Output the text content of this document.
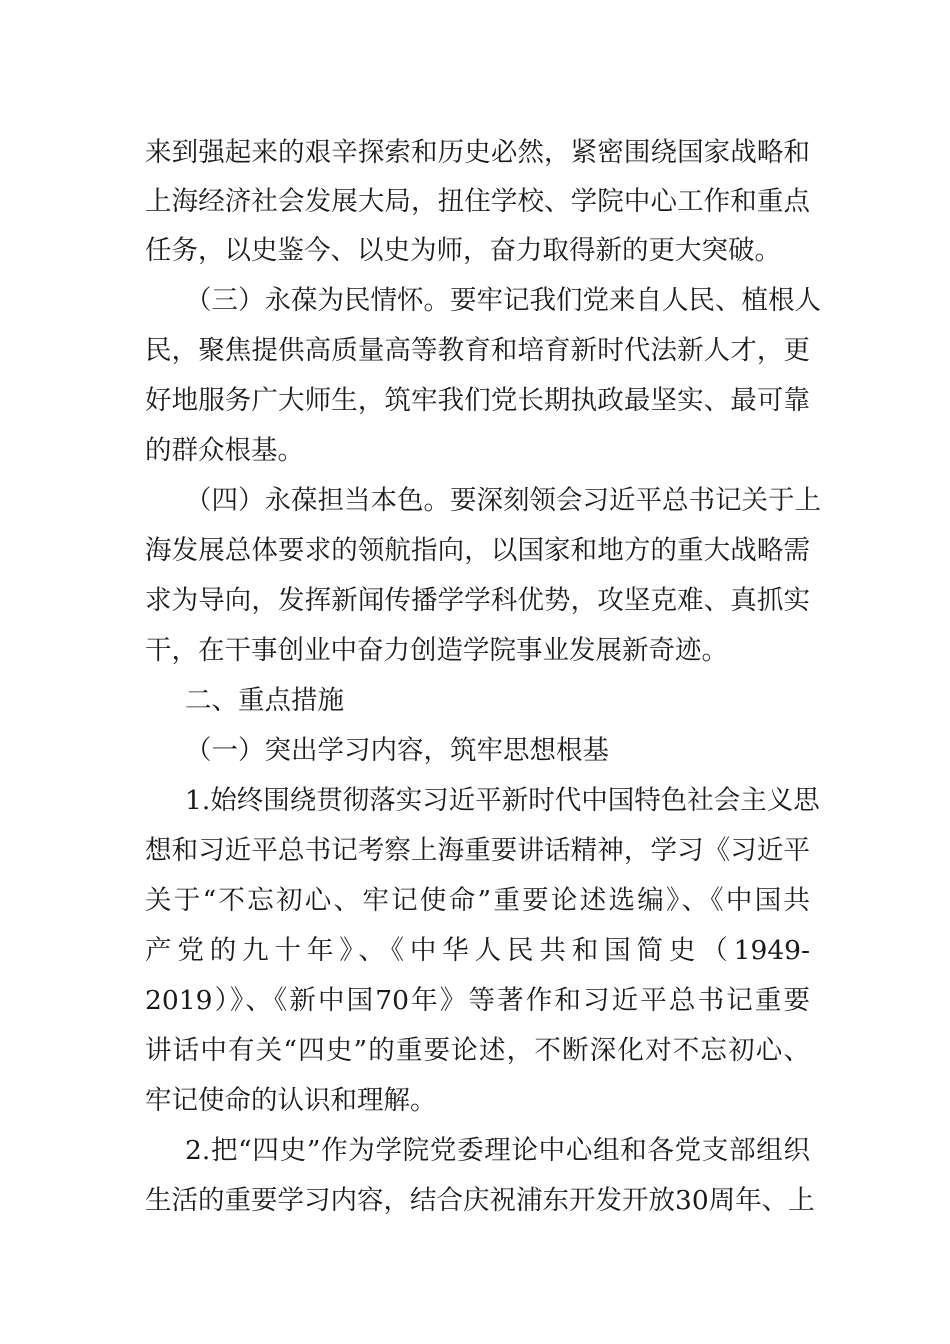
来到强起来的艰辛探索和历史必然，紧密围绕国家战略和
上海经济社会发展大局，扭住学校、学院中心工作和重点
任务，以史鉴今、以史为师，奋力取得新的更大突破。
（三）永葆为民情怀。要牢记我们党来自人民、植根人
民，聚焦提供高质量高等教育和培育新时代法新人才，更
好地服务广大师生，筑牢我们党长期执政最坚实、最可靠
的群众根基。
（四）永葆担当本色。要深刻领会习近平总书记关于上
海发展总体要求的领航指向，以国家和地方的重大战略需
求为导向，发挥新闻传播学学科优势，攻坚克难、真抓实
干，在干事创业中奋力创造学院事业发展新奇迹。
二、重点措施
（一）突出学习内容，筑牢思想根基
1.始终围绕贯彻落实习近平新时代中国特色社会主义思
想和习近平总书记考察上海重要讲话精神，学习《习近平
关于“不忘初心、牢记使命”重要论述选编》、《中国共
产党的九十年》、《中华人民共和国简史（1949-
2019）》、《新中国70年》等著作和习近平总书记重要
讲话中有关“四史”的重要论述，不断深化对不忘初心、
牢记使命的认识和理解。
2.把“四史”作为学院党委理论中心组和各党支部组织
生活的重要学习内容，结合庆祝浦东开发开放30周年、上
